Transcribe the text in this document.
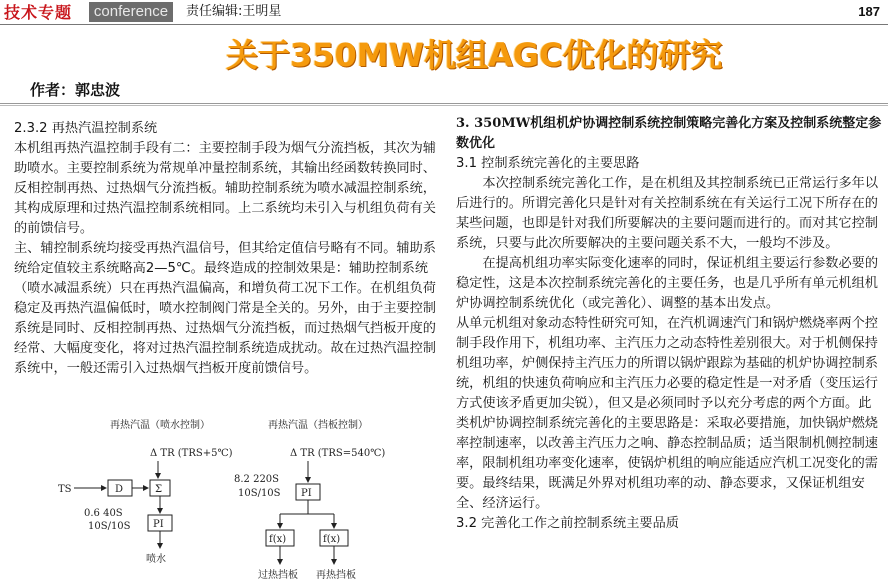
技术专题	conference	责任编辑:王明星	187
关于350MW机组AGC优化的研究
作者：郭忠波

2.3.2 再热汽温控制系统

本机组再热汽温控制手段有二：主要控制手段为烟气分流挡板，其次为辅助喷水。主要控制系统为常规单冲量控制系统，其输出经函数转换同时、反相控制再热、过热烟气分流挡板。辅助控制系统为喷水减温控制系统，其构成原理和过热汽温控制系统相同。上二系统均未引入与机组负荷有关的前馈信号。

主、辅控制系统均接受再热汽温信号，但其给定值信号略有不同。辅助系统给定值较主系统略高2—5℃。最终造成的控制效果是：辅助控制系统（喷水减温系统）只在再热汽温偏高，和增负荷工况下工作。在机组负荷稳定及再热汽温偏低时，喷水控制阀门常是全关的。另外，由于主要控制系统是同时、反相控制再热、过热烟气分流挡板，而过热烟气挡板开度的经常、大幅度变化，将对过热汽温控制系统造成扰动。故在过热汽温控制系统中，一般还需引入过热烟气挡板开度前馈信号。

3. 350MW机组机炉协调控制系统控制策略完善化方案及控制系统整定参数优化

3.1 控制系统完善化的主要思路

本次控制系统完善化工作，是在机组及其控制系统已正常运行多年以后进行的。所谓完善化只是针对有关控制系统在有关运行工况下所存在的某些问题，也即是针对我们所要解决的主要问题而进行的。而对其它控制系统，只要与此次所要解决的主要问题关系不大，一般均不涉及。

在提高机组功率实际变化速率的同时，保证机组主要运行参数必要的稳定性，这是本次控制系统完善化的主要任务，也是几乎所有单元机组机炉协调控制系统优化（或完善化）、调整的基本出发点。

从单元机组对象动态特性研究可知，在汽机调速汽门和锅炉燃烧率两个控制手段作用下，机组功率、主汽压力之动态特性差别很大。对于机侧保持机组功率，炉侧保持主汽压力的所谓以锅炉跟踪为基础的机炉协调控制系统，机组的快速负荷响应和主汽压力必要的稳定性是一对矛盾（变压运行方式使该矛盾更加尖锐），但又是必须同时予以充分考虑的两个方面。此类机炉协调控制系统完善化的主要思路是：采取必要措施，加快锅炉燃烧率控制速率，以改善主汽压力之响、静态控制品质；适当限制机侧控制速率，限制机组功率变化速率，使锅炉机组的响应能适应汽机工况变化的需要。最终结果，既满足外界对机组功率的动、静态要求，又保证机组安全、经济运行。

3.2 完善化工作之前控制系统主要品质

再热汽温（喷水控制）
Δ TR (TRS+5℃)
TS	D	Σ
0.6 40S
10S/10S PI
喷水
再热汽温（挡板控制）
Δ TR (TRS=540℃)
8.2 220S
10S/10S PI
f(x)	f(x)
过热挡板 再热挡板
